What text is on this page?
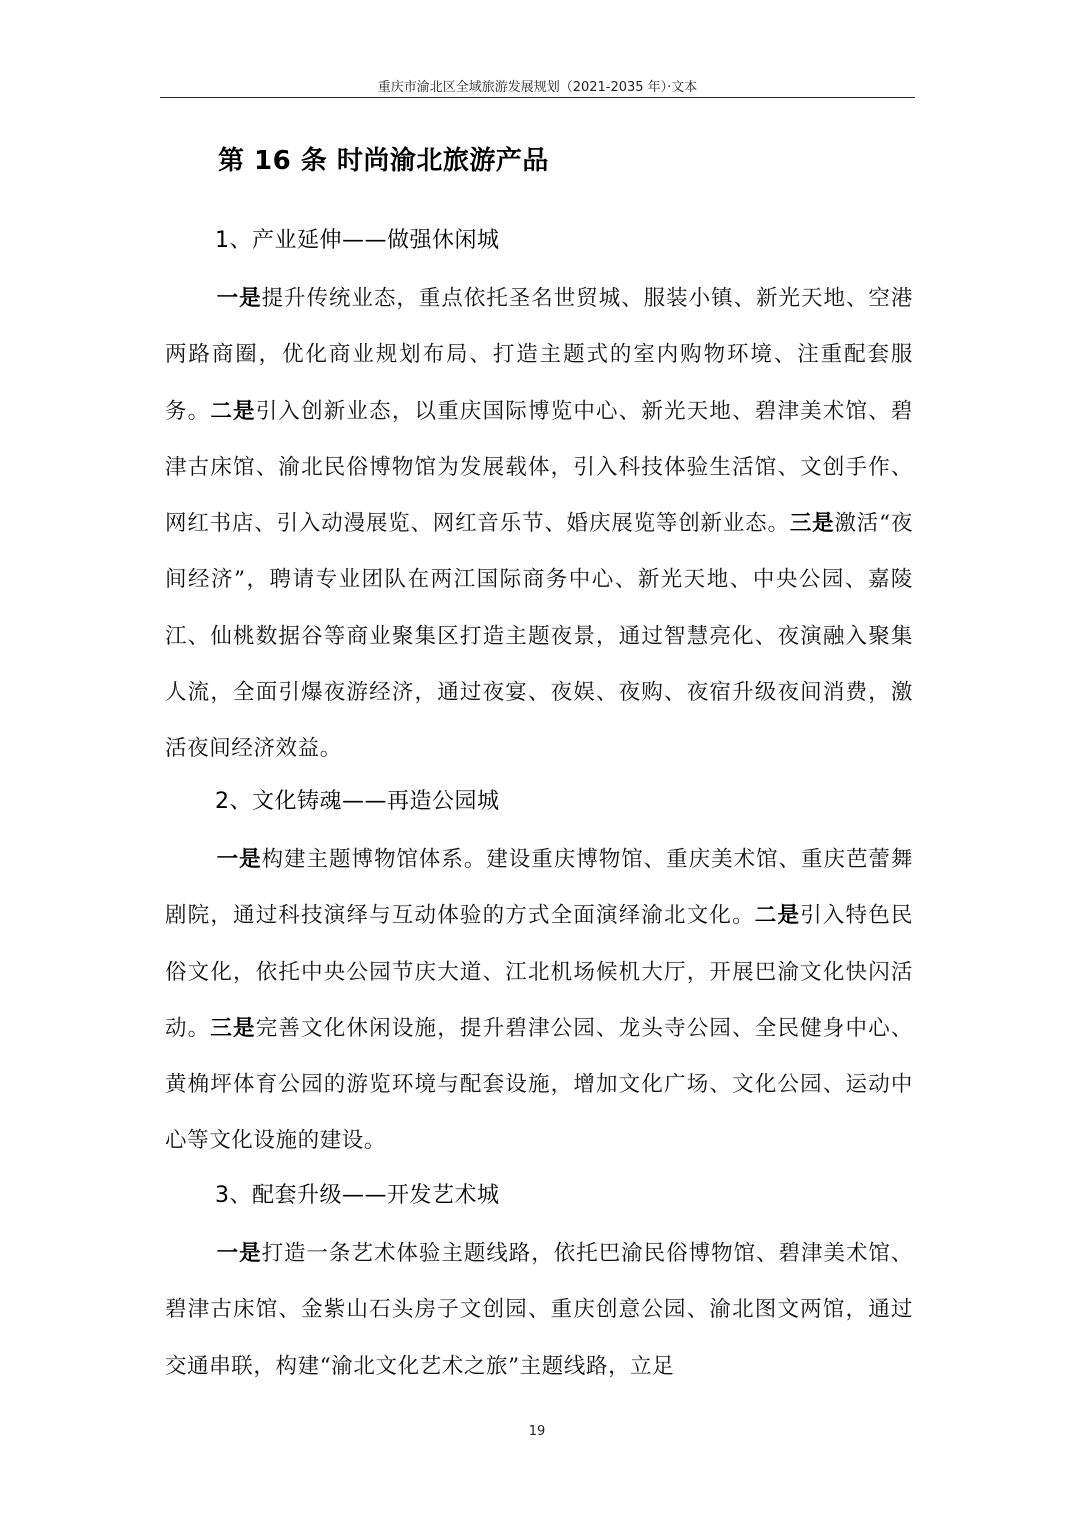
重庆市渝北区全域旅游发展规划（2021-2035 年）·文本
第 16 条 时尚渝北旅游产品
1、产业延伸——做强休闲城

一是提升传统业态，重点依托圣名世贸城、服装小镇、新光天地、空港两路商圈，优化商业规划布局、打造主题式的室内购物环境、注重配套服务。二是引入创新业态，以重庆国际博览中心、新光天地、碧津美术馆、碧津古床馆、渝北民俗博物馆为发展载体，引入科技体验生活馆、文创手作、网红书店、引入动漫展览、网红音乐节、婚庆展览等创新业态。三是激活“夜间经济”，聘请专业团队在两江国际商务中心、新光天地、中央公园、嘉陵江、仙桃数据谷等商业聚集区打造主题夜景，通过智慧亮化、夜演融入聚集人流，全面引爆夜游经济，通过夜宴、夜娱、夜购、夜宿升级夜间消费，激活夜间经济效益。

2、文化铸魂——再造公园城

一是构建主题博物馆体系。建设重庆博物馆、重庆美术馆、重庆芭蕾舞剧院，通过科技演绎与互动体验的方式全面演绎渝北文化。二是引入特色民俗文化，依托中央公园节庆大道、江北机场候机大厅，开展巴渝文化快闪活动。三是完善文化休闲设施，提升碧津公园、龙头寺公园、全民健身中心、黄桷坪体育公园的游览环境与配套设施，增加文化广场、文化公园、运动中心等文化设施的建设。

3、配套升级——开发艺术城

一是打造一条艺术体验主题线路，依托巴渝民俗博物馆、碧津美术馆、碧津古床馆、金紫山石头房子文创园、重庆创意公园、渝北图文两馆，通过交通串联，构建“渝北文化艺术之旅”主题线路，立足

19
